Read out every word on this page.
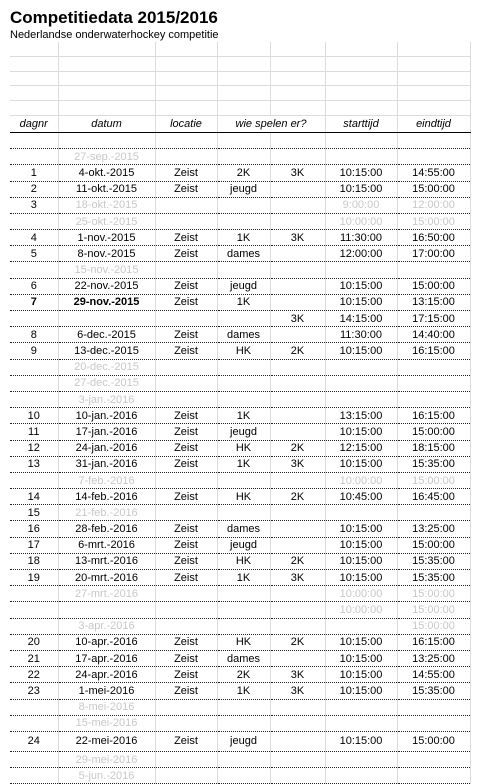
Competitiedata 2015/2016
Nederlandse onderwaterhockey competitie

dagnr	datum	locatie	wie spelen er?		starttijd	eindtijd

	27-sep.-2015					
1	4-okt.-2015	Zeist	2K	3K	10:15:00	14:55:00
2	11-okt.-2015	Zeist	jeugd		10:15:00	15:00:00
3	18-okt.-2015				9:00:00	12:00:00
	25-okt.-2015				10:00:00	15:00:00
4	1-nov.-2015	Zeist	1K	3K	11:30:00	16:50:00
5	8-nov.-2015	Zeist	dames		12:00:00	17:00:00
	15-nov.-2015					
6	22-nov.-2015	Zeist	jeugd		10:15:00	15:00:00
7	29-nov.-2015	Zeist	1K		10:15:00	13:15:00
				3K	14:15:00	17:15:00
8	6-dec.-2015	Zeist	dames		11:30:00	14:40:00
9	13-dec.-2015	Zeist	HK	2K	10:15:00	16:15:00
	20-dec.-2015					
	27-dec.-2015					
	3-jan.-2016					
10	10-jan.-2016	Zeist	1K		13:15:00	16:15:00
11	17-jan.-2016	Zeist	jeugd		10:15:00	15:00:00
12	24-jan.-2016	Zeist	HK	2K	12:15:00	18:15:00
13	31-jan.-2016	Zeist	1K	3K	10:15:00	15:35:00
	7-feb.-2016				10:00:00	15:00:00
14	14-feb.-2016	Zeist	HK	2K	10:45:00	16:45:00
15	21-feb.-2016					
16	28-feb.-2016	Zeist	dames		10:15:00	13:25:00
17	6-mrt.-2016	Zeist	jeugd		10:15:00	15:00:00
18	13-mrt.-2016	Zeist	HK	2K	10:15:00	15:35:00
19	20-mrt.-2016	Zeist	1K	3K	10:15:00	15:35:00
	27-mrt.-2016				10:00:00	15:00:00
					10:00:00	15:00:00
	3-apr.-2016					15:00:00
20	10-apr.-2016	Zeist	HK	2K	10:15:00	16:15:00
21	17-apr.-2016	Zeist	dames		10:15:00	13:25:00
22	24-apr.-2016	Zeist	2K	3K	10:15:00	14:55:00
23	1-mei-2016	Zeist	1K	3K	10:15:00	15:35:00
	8-mei-2016					
	15-mei-2016					
24	22-mei-2016	Zeist	jeugd		10:15:00	15:00:00
	29-mei-2016					
	5-jun.-2016					
